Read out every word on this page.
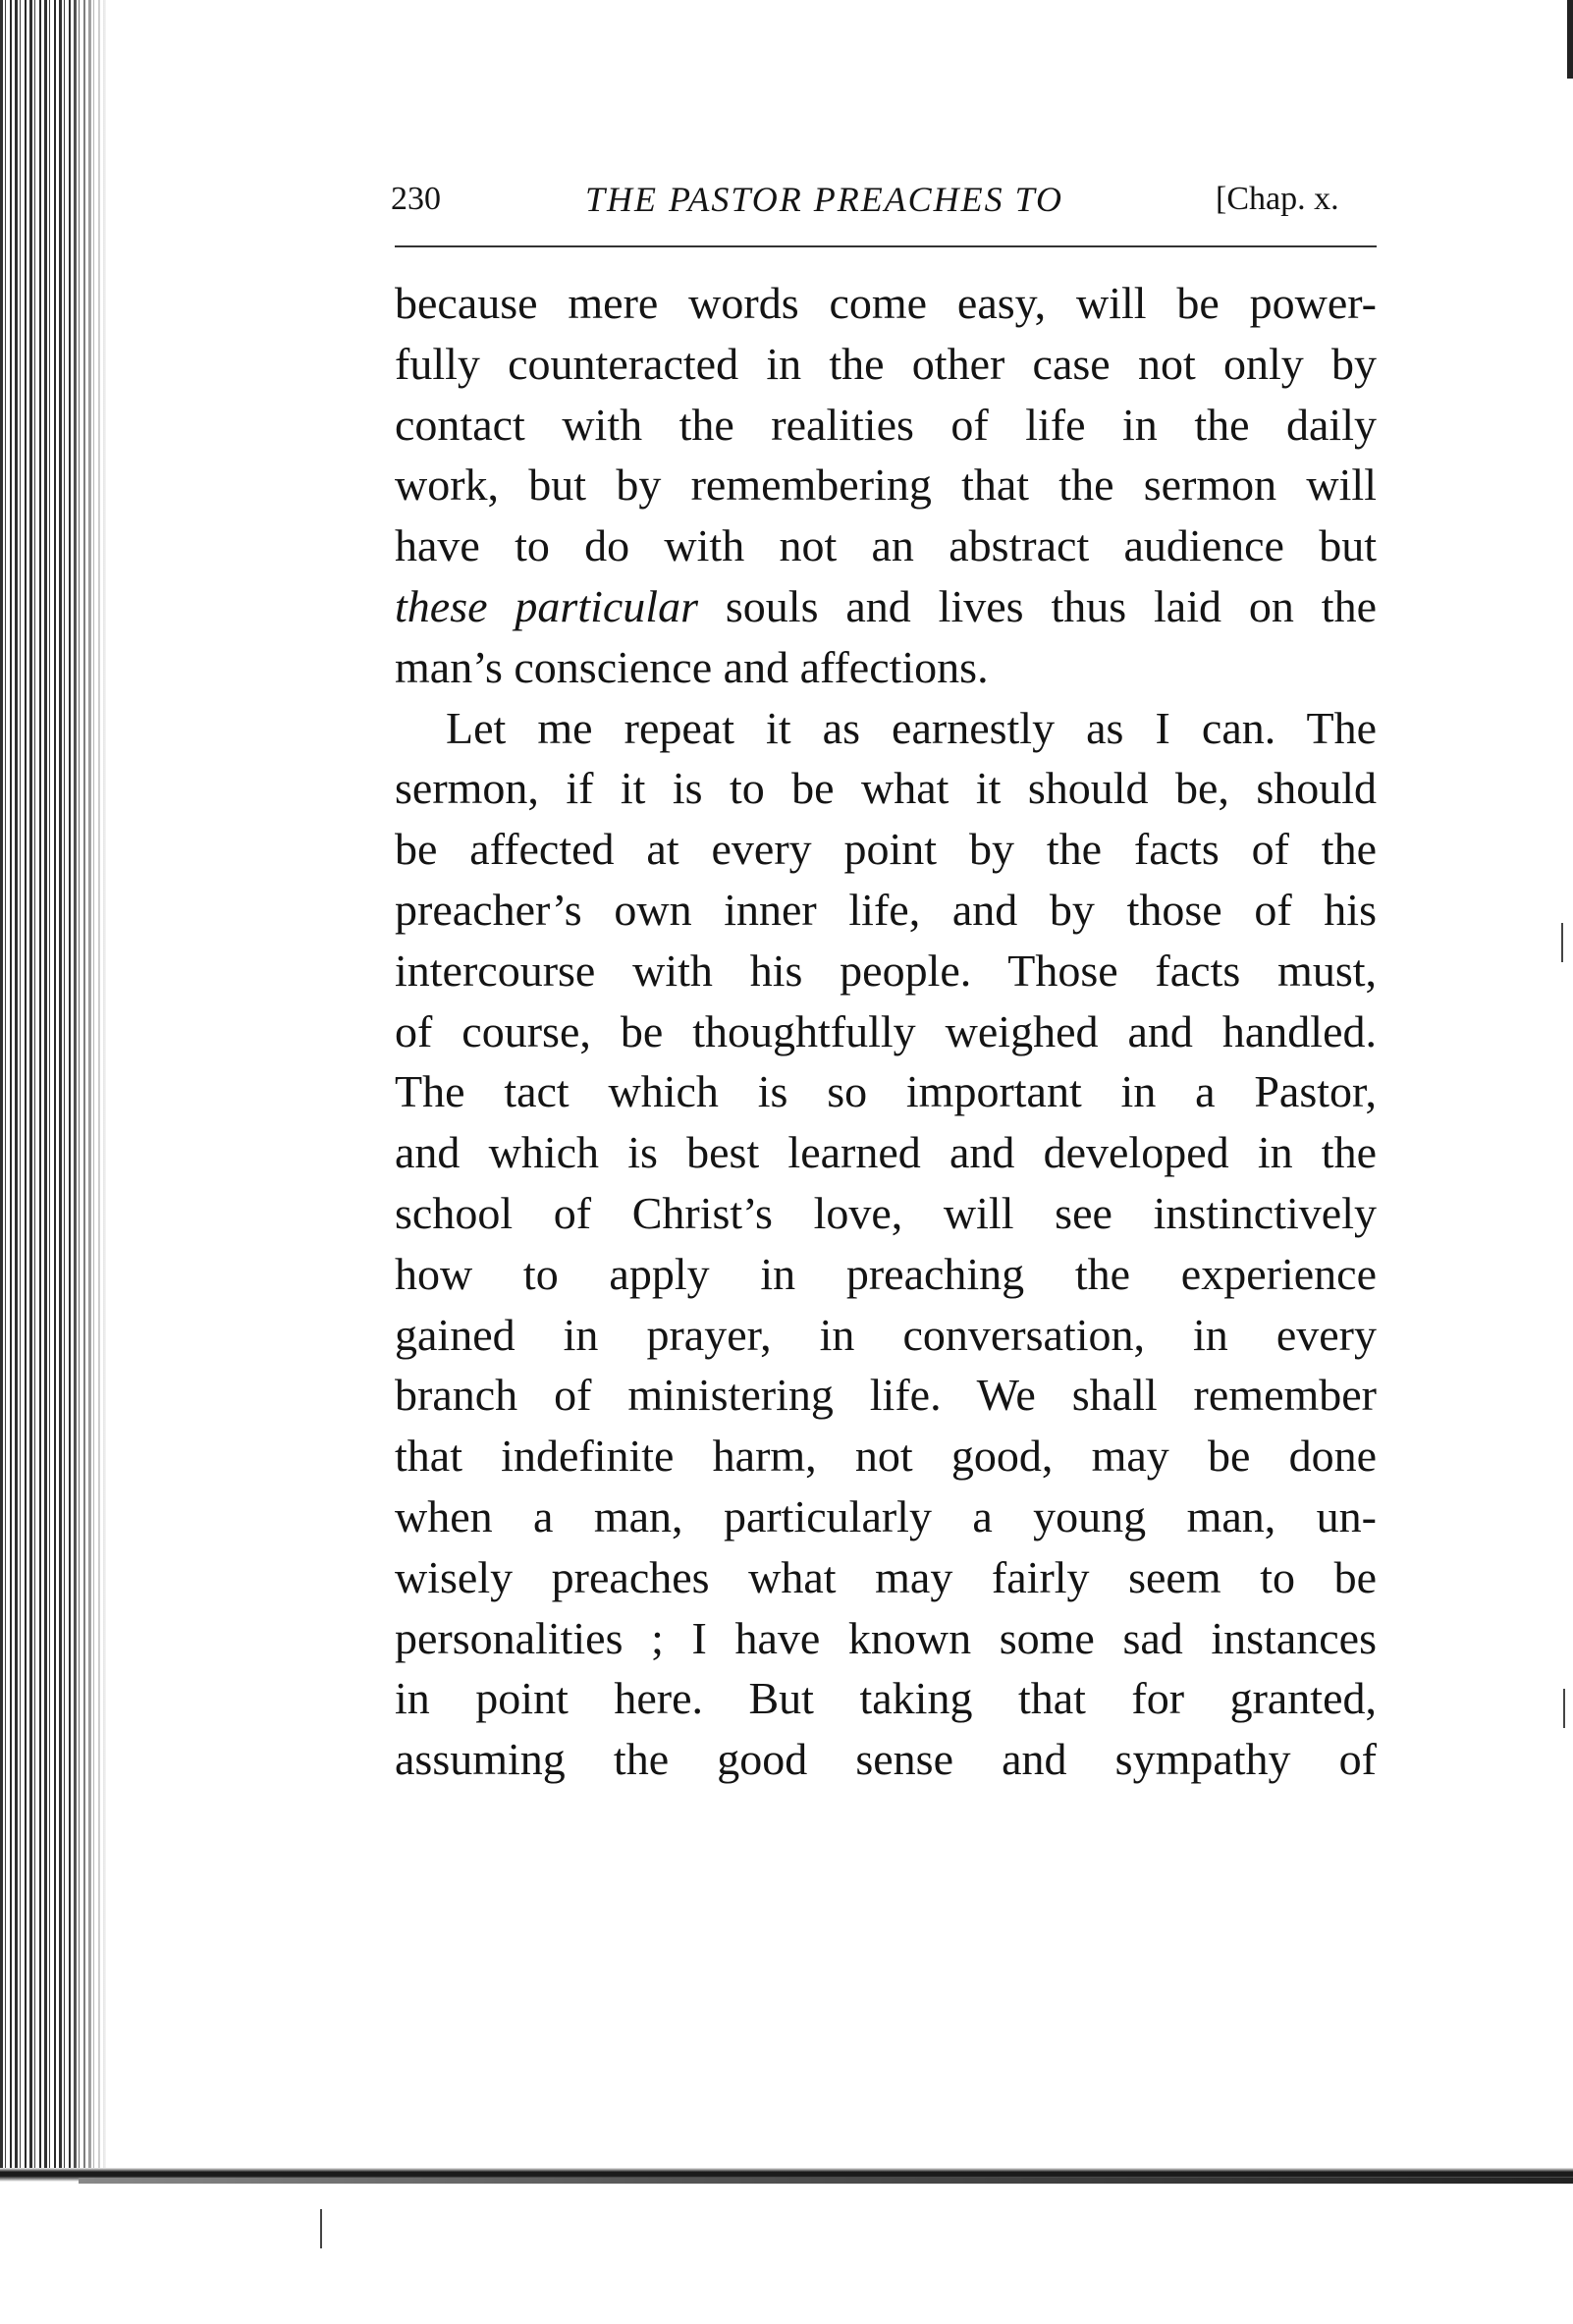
230	THE PASTOR PREACHES TO	[Chap. x.
because mere words come easy, will be power-
fully counteracted in the other case not only by
contact with the realities of life in the daily
work, but by remembering that the sermon will
have to do with not an abstract audience but
these particular souls and lives thus laid on the
man’s conscience and affections.
Let me repeat it as earnestly as I can. The
sermon, if it is to be what it should be, should
be affected at every point by the facts of the
preacher’s own inner life, and by those of his
intercourse with his people. Those facts must,
of course, be thoughtfully weighed and handled.
The tact which is so important in a Pastor,
and which is best learned and developed in the
school of Christ’s love, will see instinctively
how to apply in preaching the experience
gained in prayer, in conversation, in every
branch of ministering life. We shall remember
that indefinite harm, not good, may be done
when a man, particularly a young man, un-
wisely preaches what may fairly seem to be
personalities ; I have known some sad instances
in point here. But taking that for granted,
assuming the good sense and sympathy of
